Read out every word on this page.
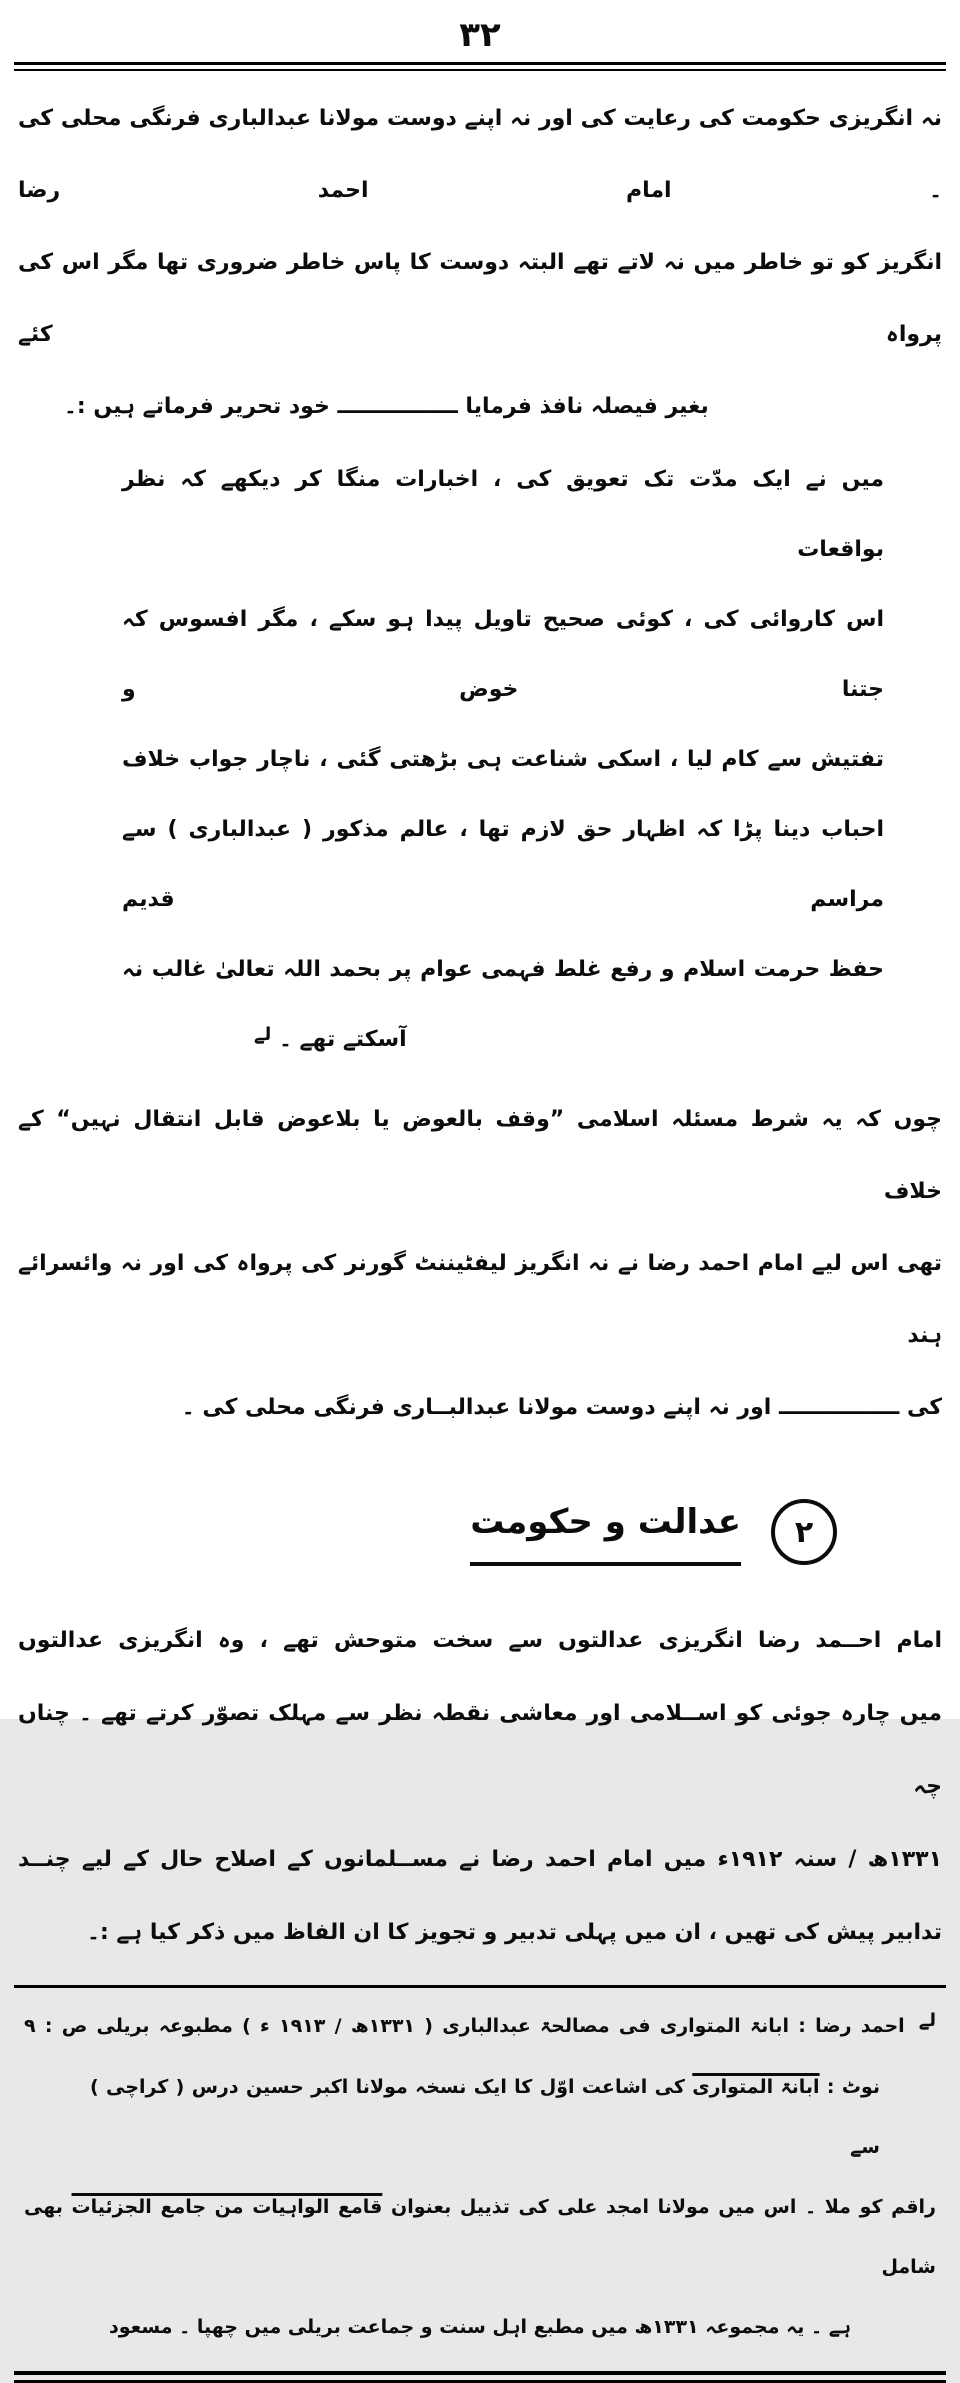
۳۲
نہ انگریزی حکومت کی رعایت کی اور نہ اپنے دوست مولانا عبدالباری فرنگی محلی کی ۔ امام احمد رضا
انگریز کو تو خاطر میں نہ لاتے تھے البتہ دوست کا پاس خاطر ضروری تھا مگر اس کی پرواہ کئے
بغیر فیصلہ نافذ فرمایا ــــــــــــــــ خود تحریر فرماتے ہیں :۔
میں نے ایک مدّت تک تعویق کی ، اخبارات منگا کر دیکھے کہ نظر بواقعات
اس کاروائی کی ، کوئی صحیح تاویل پیدا ہو سکے ، مگر افسوس کہ جتنا خوض و
تفتیش سے کام لیا ، اسکی شناعت ہی بڑھتی گئی ، ناچار جواب خلاف
احباب دینا پڑا کہ اظہار حق لازم تھا ، عالم مذکور ( عبدالباری ) سے مراسم قدیم
حفظ حرمت اسلام و رفع غلط فہمی عوام پر بحمد اللہ تعالیٰ غالب نہ
آسکتے تھے ۔ $^{لے}$
چوں کہ یہ شرط مسئلہ اسلامی ”وقف بالعوض یا بلاعوض قابل انتقال نہیں“ کے خلاف
تھی اس لیے امام احمد رضا نے نہ انگریز لیفٹیننٹ گورنر کی پرواہ کی اور نہ وائسرائے ہند
کی ــــــــــــــــ اور نہ اپنے دوست مولانا عبدالبــاری فرنگی محلی کی ۔
۲
عدالت و حکومت
امام احــمد رضا انگریزی عدالتوں سے سخت متوحش تھے ، وہ انگریزی عدالتوں
میں چارہ جوئی کو اســلامی اور معاشی نقطہ نظر سے مہلک تصوّر کرتے تھے ۔ چناں چہ
۱۳۳۱ھ / سنہ ۱۹۱۲ء میں امام احمد رضا نے مســلمانوں کے اصلاح حال کے لیے چنــد
تدابیر پیش کی تھیں ، ان میں پہلی تدبیر و تجویز کا ان الفاظ میں ذکر کیا ہے :۔
لےاحمد رضا : ابانۃ المتواری فی مصالحۃ عبدالباری ( ۱۳۳۱ھ / ۱۹۱۳ ء ) مطبوعہ بریلی ص : ۹
نوٹ : ابانۃ المتواری کی اشاعت اوّل کا ایک نسخہ مولانا اکبر حسین درس ( کراچی ) سے
راقم کو ملا ۔ اس میں مولانا امجد علی کی تذییل بعنوان قامع الواہیات من جامع الجزئیات بھی شامل
ہے ۔ یہ مجموعہ ۱۳۳۱ھ میں مطبع اہل سنت و جماعت بریلی میں چھپا ۔ مسعود
